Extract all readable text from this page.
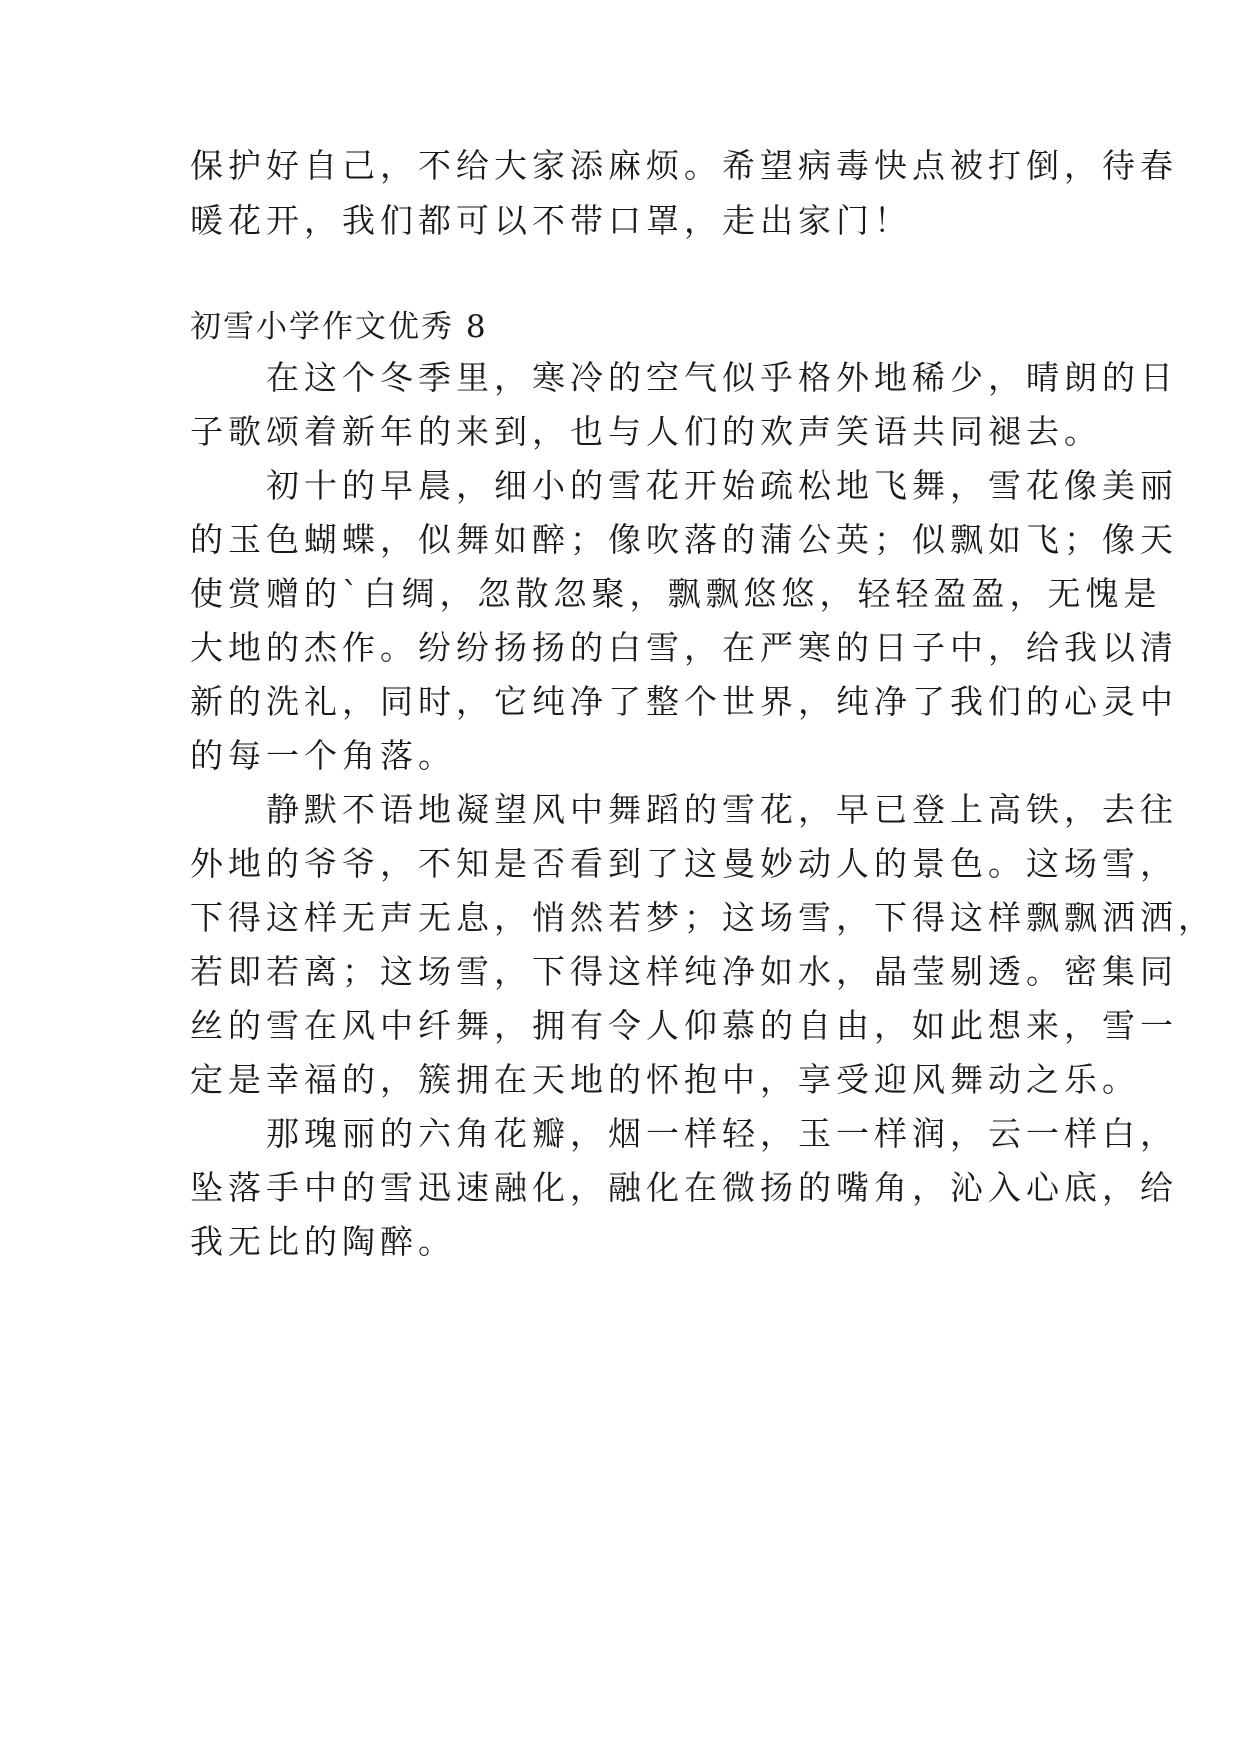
保护好自己，不给大家添麻烦。希望病毒快点被打倒，待春
暖花开，我们都可以不带口罩，走出家门！
初雪小学作文优秀 8
　　在这个冬季里，寒冷的空气似乎格外地稀少，晴朗的日
子歌颂着新年的来到，也与人们的欢声笑语共同褪去。
　　初十的早晨，细小的雪花开始疏松地飞舞，雪花像美丽
的玉色蝴蝶，似舞如醉；像吹落的蒲公英；似飘如飞；像天
使赏赠的`白绸，忽散忽聚，飘飘悠悠，轻轻盈盈，无愧是
大地的杰作。纷纷扬扬的白雪，在严寒的日子中，给我以清
新的洗礼，同时，它纯净了整个世界，纯净了我们的心灵中
的每一个角落。
　　静默不语地凝望风中舞蹈的雪花，早已登上高铁，去往
外地的爷爷，不知是否看到了这曼妙动人的景色。这场雪，
下得这样无声无息，悄然若梦；这场雪，下得这样飘飘洒洒，
若即若离；这场雪，下得这样纯净如水，晶莹剔透。密集同
丝的雪在风中纤舞，拥有令人仰慕的自由，如此想来，雪一
定是幸福的，簇拥在天地的怀抱中，享受迎风舞动之乐。
　　那瑰丽的六角花瓣，烟一样轻，玉一样润，云一样白，
坠落手中的雪迅速融化，融化在微扬的嘴角，沁入心底，给
我无比的陶醉。
